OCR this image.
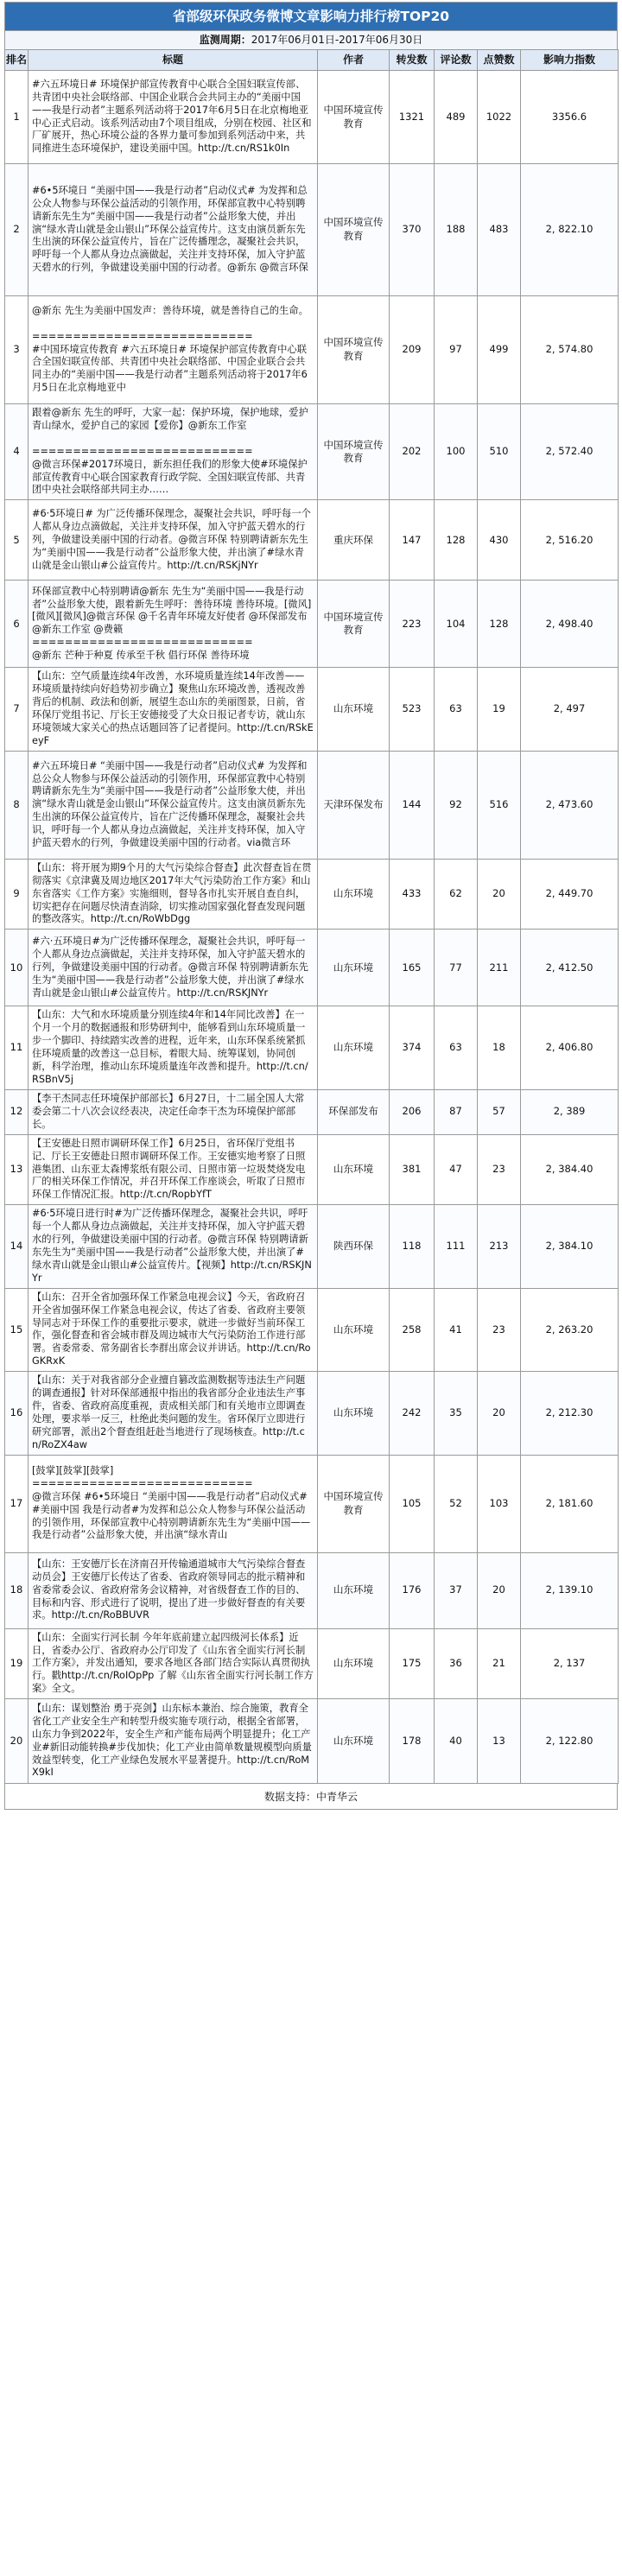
省部级环保政务微博文章影响力排行榜TOP20
监测周期： 2017年06月01日-2017年06月30日
排名	标题	作者	转发数	评论数	点赞数	影响力指数
1	#六五环境日# 环境保护部宣传教育中心联合全国妇联宣传部、共青团中央社会联络部、中国企业联合会共同主办的“美丽中国——我是行动者”主题系列活动将于2017年6月5日在北京梅地亚中心正式启动。该系列活动由7个项目组成，分别在校园、社区和厂矿展开，热心环境公益的各界力量可参加到系列活动中来，共同推进生态环境保护，建设美丽中国。http://t.cn/RS1k0In	中国环境宣传教育	1321	489	1022	3356.6
2	#6•5环境日 “美丽中国——我是行动者”启动仪式# 为发挥和总公众人物参与环保公益活动的引领作用，环保部宣教中心特别聘请新东先生为“美丽中国——我是行动者”公益形象大使，并出演“绿水青山就是金山银山”环保公益宣传片。这支由演员新东先生出演的环保公益宣传片，旨在广泛传播理念，凝聚社会共识，呼吁每一个人都从身边点滴做起，关注并支持环保，加入守护蓝天碧水的行列，争做建设美丽中国的行动者。@新东 @微言环保	中国环境宣传教育	370	188	483	2, 822.10
3	@新东 先生为美丽中国发声：善待环境，就是善待自己的生命。

===========================
#中国环境宣传教育 #六五环境日# 环境保护部宣传教育中心联合全国妇联宣传部、共青团中央社会联络部、中国企业联合会共同主办的“美丽中国——我是行动者”主题系列活动将于2017年6月5日在北京梅地亚中	中国环境宣传教育	209	97	499	2, 574.80
4	跟着@新东 先生的呼吁，大家一起：保护环境，保护地球，爱护青山绿水，爱护自己的家园【爱你】@新东工作室

===========================
@微言环保#2017环境日，新东担任我们的形象大使#环境保护部宣传教育中心联合国家教育行政学院、全国妇联宣传部、共青团中央社会联络部共同主办……	中国环境宣传教育	202	100	510	2, 572.40
5	#6·5环境日# 为广泛传播环保理念，凝聚社会共识，呼吁每一个人都从身边点滴做起，关注并支持环保，加入守护蓝天碧水的行列，争做建设美丽中国的行动者。@微言环保 特别聘请新东先生为“美丽中国——我是行动者”公益形象大使，并出演了#绿水青山就是金山银山#公益宣传片。http://t.cn/RSKjNYr	重庆环保	147	128	430	2, 516.20
6	环保部宣教中心特别聘请@新东 先生为“美丽中国——我是行动者”公益形象大使，跟着新先生呼吁：善待环境 善待环境。[微风][微风][微风]@微言环保 @千名青年环境友好使者 @环保部发布 @新东工作室 @费籁
===========================
@新东 芒种于种夏 传承至千秋 倡行环保 善待环境	中国环境宣传教育	223	104	128	2, 498.40
7	【山东：空气质量连续4年改善，水环境质量连续14年改善——环境质量持续向好趋势初步确立】聚焦山东环境改善，透视改善背后的机制、政法和创新，展望生态山东的美丽图景，日前，省环保厅党组书记、厅长王安德接受了大众日报记者专访，就山东环境领域大家关心的热点话题回答了记者提问。http://t.cn/RSkEeyF	山东环境	523	63	19	2, 497
8	#六五环境日# “美丽中国——我是行动者”启动仪式# 为发挥和总公众人物参与环保公益活动的引领作用，环保部宣教中心特别聘请新东先生为“美丽中国——我是行动者”公益形象大使，并出演“绿水青山就是金山银山”环保公益宣传片。这支由演员新东先生出演的环保公益宣传片，旨在广泛传播环保理念，凝聚社会共识，呼吁每一个人都从身边点滴做起，关注并支持环保，加入守护蓝天碧水的行列，争做建设美丽中国的行动者。via微言环	天津环保发布	144	92	516	2, 473.60
9	【山东：将开展为期9个月的大气污染综合督查】此次督查旨在贯彻落实《京津冀及周边地区2017年大气污染防治工作方案》和山东省落实《工作方案》实施细则，督导各市扎实开展自查自纠，切实把存在问题尽快清查消除，切实推动国家强化督查发现问题的整改落实。http://t.cn/RoWbDgg	山东环境	433	62	20	2, 449.70
10	#六·五环境日#为广泛传播环保理念，凝聚社会共识，呼吁每一个人都从身边点滴做起，关注并支持环保，加入守护蓝天碧水的行列，争做建设美丽中国的行动者。@微言环保 特别聘请新东先生为“美丽中国——我是行动者”公益形象大使，并出演了#绿水青山就是金山银山#公益宣传片。http://t.cn/RSKJNYr	山东环境	165	77	211	2, 412.50
11	【山东：大气和水环境质量分别连续4年和14年同比改善】在一个月一个月的数据通报和形势研判中，能够看到山东环境质量一步一个脚印、持续踏实改善的进程，近年来，山东环保系统紧抓住环境质量的改善这一总目标，着眼大局、统筹谋划，协同创新，科学治理，推动山东环境质量连年改善和提升。http://t.cn/RSBnV5j	山东环境	374	63	18	2, 406.80
12	【李干杰同志任环境保护部部长】6月27日，十二届全国人大常委会第二十八次会议经表决，决定任命李干杰为环境保护部部长。	环保部发布	206	87	57	2, 389
13	【王安德赴日照市调研环保工作】6月25日，省环保厅党组书记、厅长王安德赴日照市调研环保工作。王安德实地考察了日照港集团、山东亚太森博浆纸有限公司、日照市第一垃圾焚烧发电厂的相关环保工作情况，并召开环保工作座谈会，听取了日照市环保工作情况汇报。http://t.cn/RopbYfT	山东环境	381	47	23	2, 384.40
14	#6·5环境日进行时#为广泛传播环保理念，凝聚社会共识，呼吁每一个人都从身边点滴做起，关注并支持环保，加入守护蓝天碧水的行列，争做建设美丽中国的行动者。@微言环保 特别聘请新东先生为“美丽中国——我是行动者”公益形象大使，并出演了#绿水青山就是金山银山#公益宣传片。【视频】http://t.cn/RSKJNYr	陕西环保	118	111	213	2, 384.10
15	【山东：召开全省加强环保工作紧急电视会议】今天，省政府召开全省加强环保工作紧急电视会议，传达了省委、省政府主要领导同志对于环保工作的重要批示要求，就进一步做好当前环保工作，强化督查和省会城市群及周边城市大气污染防治工作进行部署。省委常委、常务副省长李群出席会议并讲话。http://t.cn/RoGKRxK	山东环境	258	41	23	2, 263.20
16	【山东：关于对我省部分企业擅自篡改监测数据等违法生产问题的调查通报】针对环保部通报中指出的我省部分企业违法生产事件，省委、省政府高度重视，责成相关部门和有关地市立即调查处理，要求举一反三，杜绝此类问题的发生。省环保厅立即进行研究部署，派出2个督查组赶赴当地进行了现场核查。http://t.cn/RoZX4aw	山东环境	242	35	20	2, 212.30
17	[鼓掌][鼓掌][鼓掌]
===========================
@微言环保 #6•5环境日 “美丽中国——我是行动者”启动仪式##美丽中国 我是行动者#为发挥和总公众人物参与环保公益活动的引领作用，环保部宣教中心特别聘请新东先生为“美丽中国——我是行动者”公益形象大使，并出演“绿水青山	中国环境宣传教育	105	52	103	2, 181.60
18	【山东：王安德厅长在济南召开传输通道城市大气污染综合督查动员会】王安德厅长传达了省委、省政府领导同志的批示精神和省委常委会议、省政府常务会议精神，对省级督查工作的目的、目标和内容、形式进行了说明，提出了进一步做好督查的有关要求。http://t.cn/RoBBUVR	山东环境	176	37	20	2, 139.10
19	【山东：全面实行河长制 今年年底前建立起四级河长体系】近日，省委办公厅、省政府办公厅印发了《山东省全面实行河长制工作方案》，并发出通知，要求各地区各部门结合实际认真贯彻执行。戳http://t.cn/RoIOpPp 了解《山东省全面实行河长制工作方案》全文。	山东环境	175	36	21	2, 137
20	【山东：谋划整治 勇于亮剑】山东标本兼治、综合施策，教育全省化工产业安全生产和转型升级实施专项行动，根据全省部署，山东力争到2022年，安全生产和产能布局两个明显提升；化工产业#新旧动能转换#步伐加快；化工产业由简单数量规模型向质量效益型转变，化工产业绿色发展水平显著提升。http://t.cn/RoMX9kI	山东环境	178	40	13	2, 122.80
数据支持：中青华云
